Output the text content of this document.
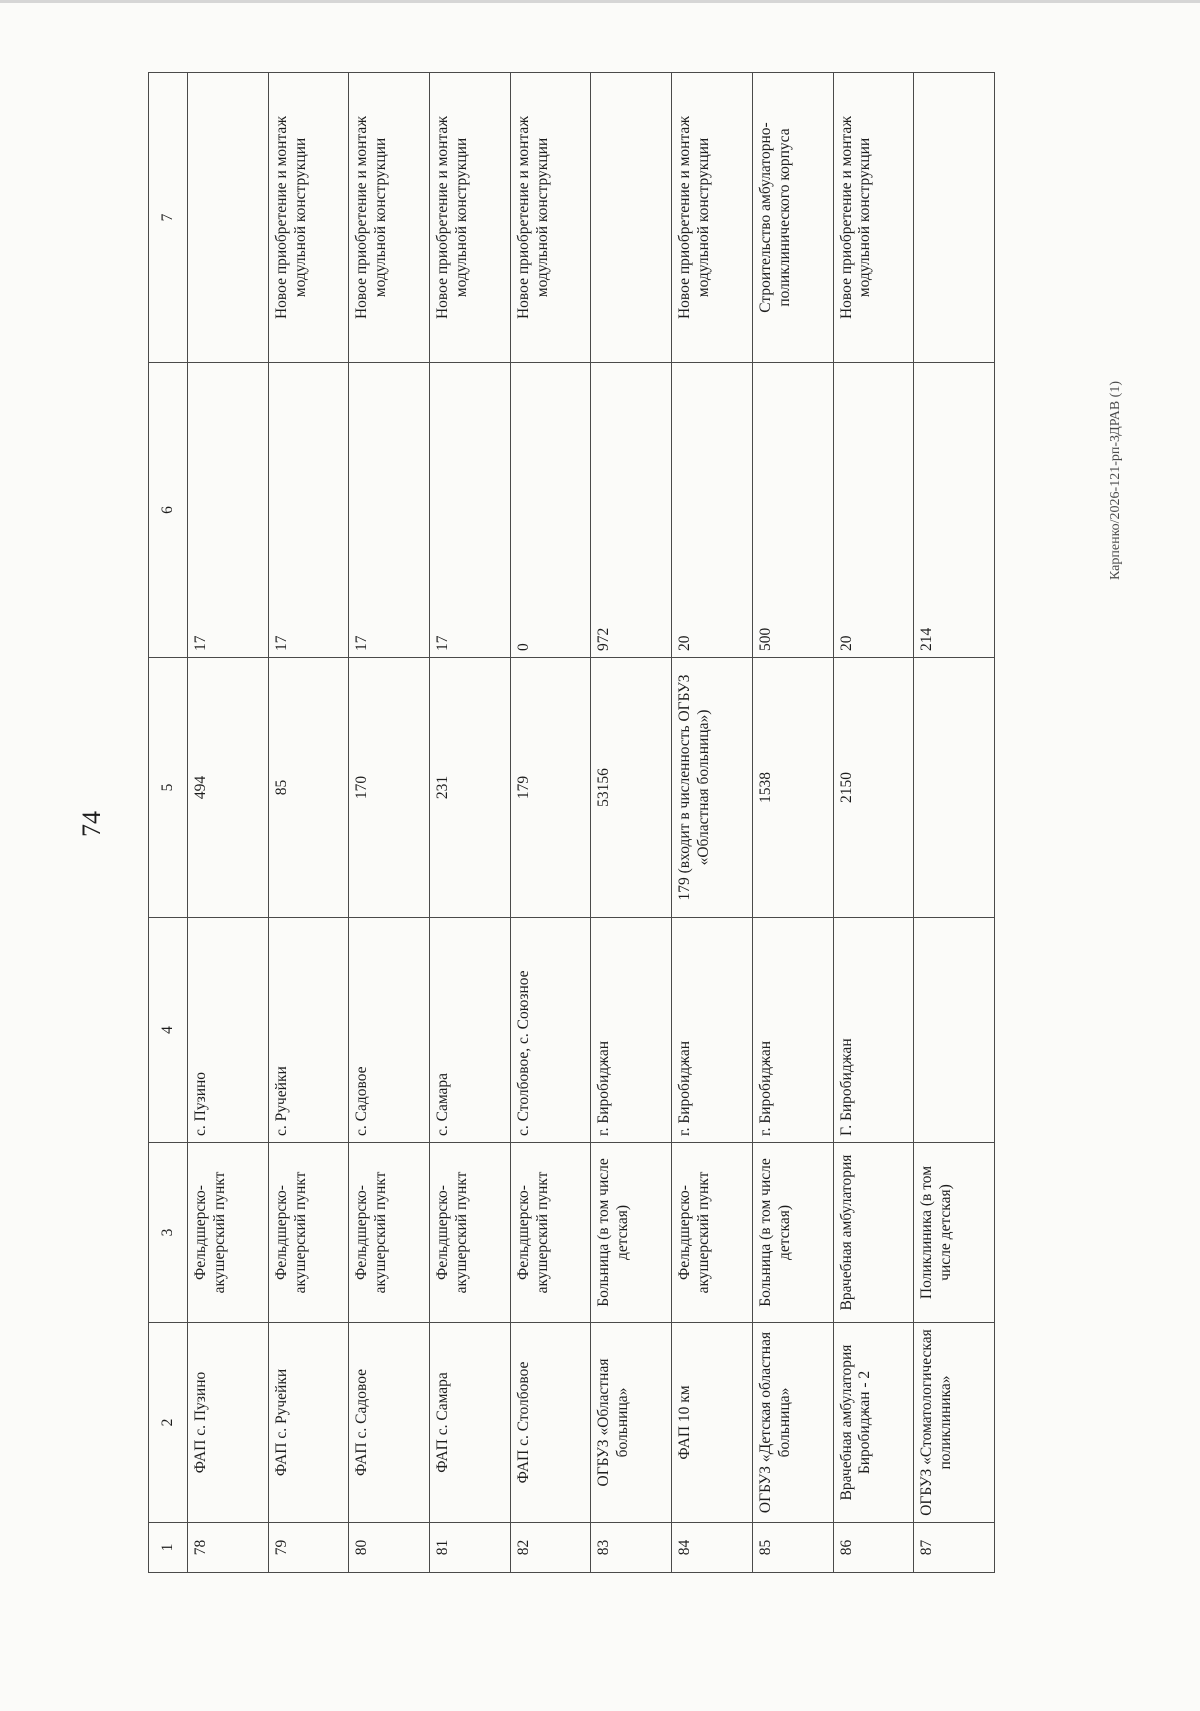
74
1	2	3	4	5	6	7
78	ФАП с. Пузино	Фельдшерско-акушерский пункт	с. Пузино	494	17	
79	ФАП с. Ручейки	Фельдшерско-акушерский пункт	с. Ручейки	85	17	Новое приобретение и монтаж модульной конструкции
80	ФАП с. Садовое	Фельдшерско-акушерский пункт	с. Садовое	170	17	Новое приобретение и монтаж модульной конструкции
81	ФАП с. Самара	Фельдшерско-акушерский пункт	с. Самара	231	17	Новое приобретение и монтаж модульной конструкции
82	ФАП с. Столбовое	Фельдшерско-акушерский пункт	с. Столбовое, с. Союзное	179	0	Новое приобретение и монтаж модульной конструкции
83	ОГБУЗ «Областная больница»	Больница (в том числе детская)	г. Биробиджан	53156	972	
84	ФАП 10 км	Фельдшерско-акушерский пункт	г. Биробиджан	179 (входит в численность ОГБУЗ «Областная больница»)	20	Новое приобретение и монтаж модульной конструкции
85	ОГБУЗ «Детская областная больница»	Больница (в том числе детская)	г. Биробиджан	1538	500	Строительство амбулаторно-поликлинического корпуса
86	Врачебная амбулатория Биробиджан - 2	Врачебная амбулатория	Г. Биробиджан	2150	20	Новое приобретение и монтаж модульной конструкции
87	ОГБУЗ «Стоматологическая поликлиника»	Поликлиника (в том числе детская)			214	
Карпенко/2026-121-рп-ЗДРАВ (1)
